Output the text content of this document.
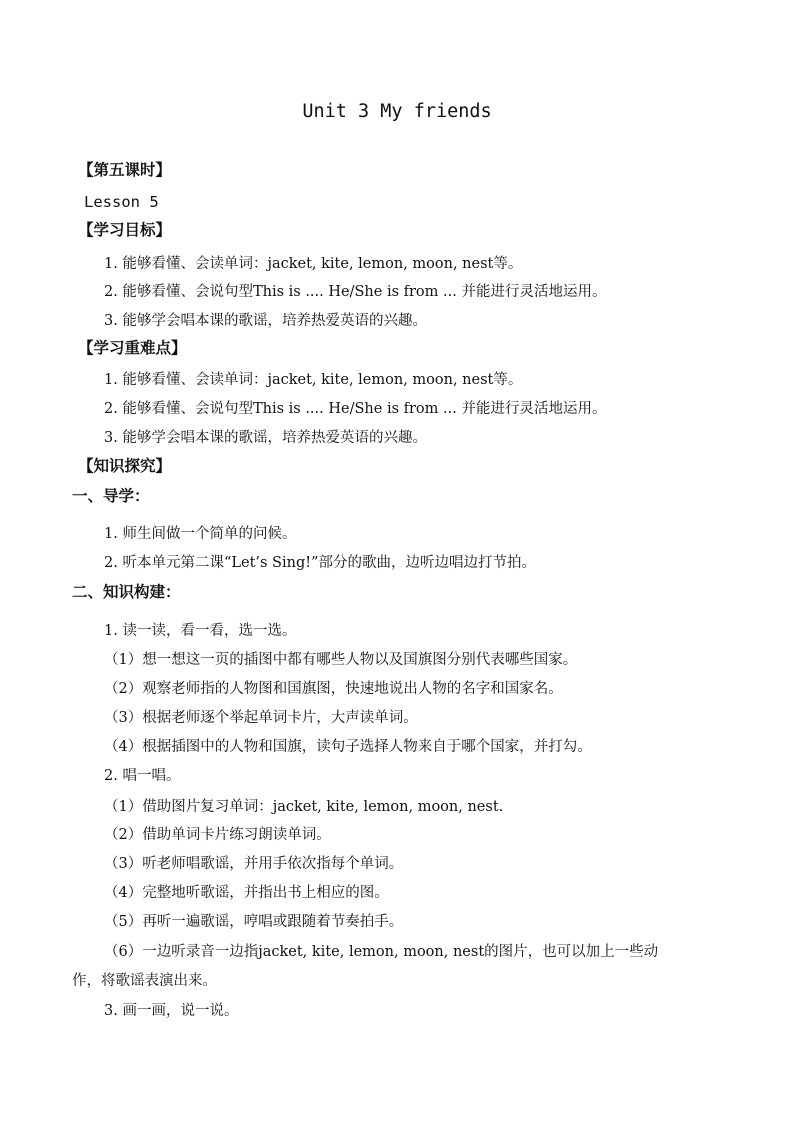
Unit 3 My friends
【第五课时】
Lesson 5
【学习目标】
1. 能够看懂、会读单词：jacket, kite, lemon, moon, nest等。
2. 能够看懂、会说句型This is .... He/She is from ... 并能进行灵活地运用。
3. 能够学会唱本课的歌谣，培养热爱英语的兴趣。
【学习重难点】
1. 能够看懂、会读单词：jacket, kite, lemon, moon, nest等。
2. 能够看懂、会说句型This is .... He/She is from ... 并能进行灵活地运用。
3. 能够学会唱本课的歌谣，培养热爱英语的兴趣。
【知识探究】
一、导学：
1. 师生间做一个简单的问候。
2. 听本单元第二课“Let’s Sing!”部分的歌曲，边听边唱边打节拍。
二、知识构建：
1. 读一读，看一看，选一选。
（1）想一想这一页的插图中都有哪些人物以及国旗图分别代表哪些国家。
（2）观察老师指的人物图和国旗图，快速地说出人物的名字和国家名。
（3）根据老师逐个举起单词卡片，大声读单词。
（4）根据插图中的人物和国旗，读句子选择人物来自于哪个国家，并打勾。
2. 唱一唱。
（1）借助图片复习单词：jacket, kite, lemon, moon, nest.
（2）借助单词卡片练习朗读单词。
（3）听老师唱歌谣，并用手依次指每个单词。
（4）完整地听歌谣，并指出书上相应的图。
（5）再听一遍歌谣，哼唱或跟随着节奏拍手。
（6）一边听录音一边指jacket, kite, lemon, moon, nest的图片，也可以加上一些动
作，将歌谣表演出来。
3. 画一画，说一说。
